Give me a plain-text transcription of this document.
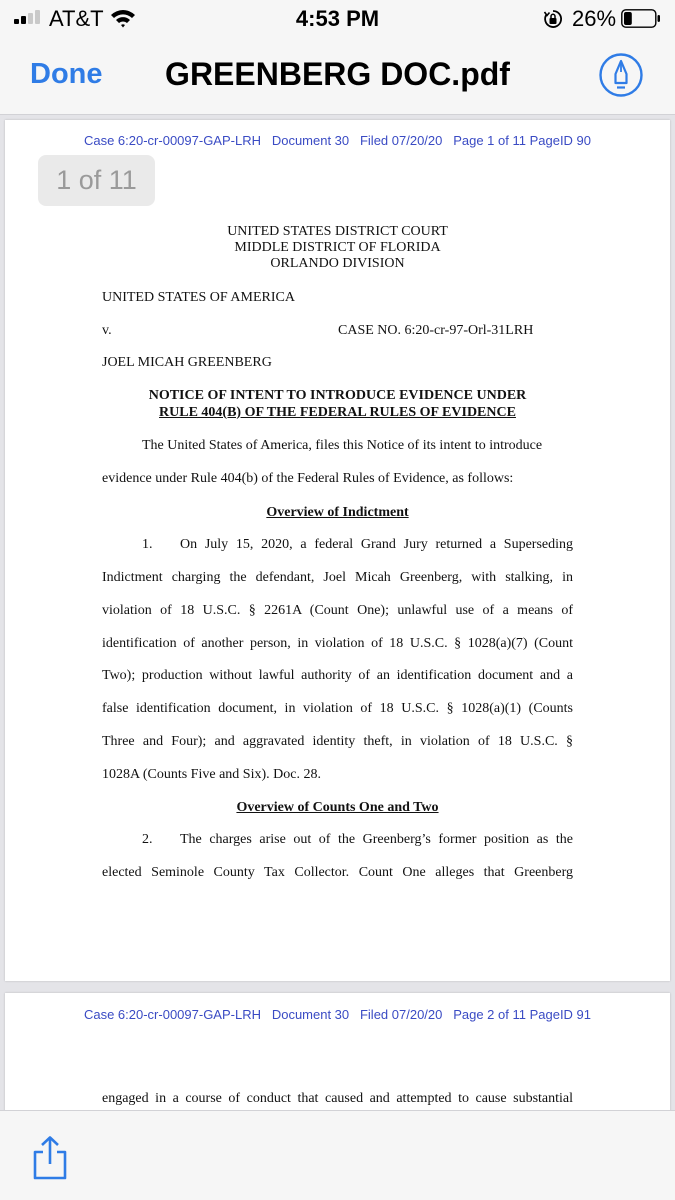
AT&T	4:53 PM	26%
Done	GREENBERG DOC.pdf
Case 6:20-cr-00097-GAP-LRH   Document 30   Filed 07/20/20   Page 1 of 11 PageID 90
1 of 11
UNITED STATES DISTRICT COURT
MIDDLE DISTRICT OF FLORIDA
ORLANDO DIVISION
UNITED STATES OF AMERICA
v.	CASE NO. 6:20-cr-97-Orl-31LRH
JOEL MICAH GREENBERG
NOTICE OF INTENT TO INTRODUCE EVIDENCE UNDER
RULE 404(B) OF THE FEDERAL RULES OF EVIDENCE
The United States of America, files this Notice of its intent to introduce
evidence under Rule 404(b) of the Federal Rules of Evidence, as follows:
Overview of Indictment
1. On July 15, 2020, a federal Grand Jury returned a Superseding
Indictment charging the defendant, Joel Micah Greenberg, with stalking, in
violation of 18 U.S.C. § 2261A (Count One); unlawful use of a means of
identification of another person, in violation of 18 U.S.C. § 1028(a)(7) (Count
Two); production without lawful authority of an identification document and a
false identification document, in violation of 18 U.S.C. § 1028(a)(1) (Counts
Three and Four); and aggravated identity theft, in violation of 18 U.S.C. §
1028A (Counts Five and Six). Doc. 28.
Overview of Counts One and Two
2. The charges arise out of the Greenberg’s former position as the
elected Seminole County Tax Collector. Count One alleges that Greenberg
Case 6:20-cr-00097-GAP-LRH   Document 30   Filed 07/20/20   Page 2 of 11 PageID 91
engaged in a course of conduct that caused and attempted to cause substantial
